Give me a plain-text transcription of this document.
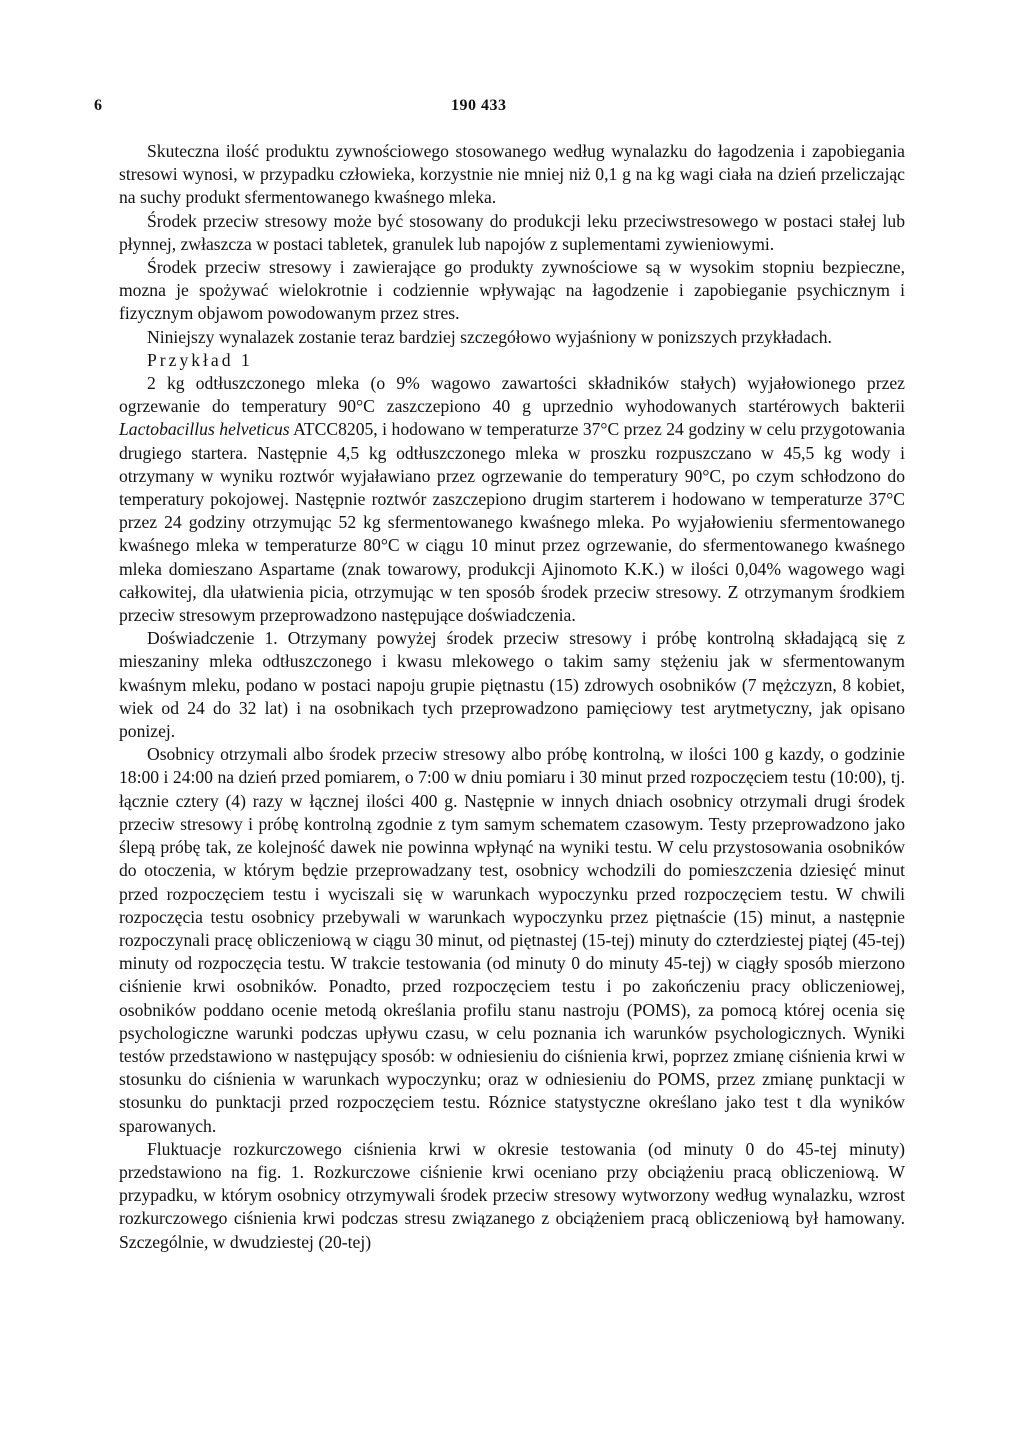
6	190 433

Skuteczna ilość produktu zywnościowego stosowanego według wynalazku do łagodzenia i zapobiegania stresowi wynosi, w przypadku człowieka, korzystnie nie mniej niż 0,1 g na kg wagi ciała na dzień przeliczając na suchy produkt sfermentowanego kwaśnego mleka.

Środek przeciw stresowy może być stosowany do produkcji leku przeciwstresowego w postaci stałej lub płynnej, zwłaszcza w postaci tabletek, granulek lub napojów z suplementami zywieniowymi.

Środek przeciw stresowy i zawierające go produkty zywnościowe są w wysokim stopniu bezpieczne, mozna je spożywać wielokrotnie i codziennie wpływając na łagodzenie i zapobieganie psychicznym i fizycznym objawom powodowanym przez stres.

Niniejszy wynalazek zostanie teraz bardziej szczegółowo wyjaśniony w ponizszych przykładach.

Przykład 1

2 kg odtłuszczonego mleka (o 9% wagowo zawartości składników stałych) wyjałowionego przez ogrzewanie do temperatury 90°C zaszczepiono 40 g uprzednio wyhodowanych startérowych bakterii Lactobacillus helveticus ATCC8205, i hodowano w temperaturze 37°C przez 24 godziny w celu przygotowania drugiego startera. Następnie 4,5 kg odtłuszczonego mleka w proszku rozpuszczano w 45,5 kg wody i otrzymany w wyniku roztwór wyjaławiano przez ogrzewanie do temperatury 90°C, po czym schłodzono do temperatury pokojowej. Następnie roztwór zaszczepiono drugim starterem i hodowano w temperaturze 37°C przez 24 godziny otrzymując 52 kg sfermentowanego kwaśnego mleka. Po wyjałowieniu sfermentowanego kwaśnego mleka w temperaturze 80°C w ciągu 10 minut przez ogrzewanie, do sfermentowanego kwaśnego mleka domieszano Aspartame (znak towarowy, produkcji Ajinomoto K.K.) w ilości 0,04% wagowego wagi całkowitej, dla ułatwienia picia, otrzymując w ten sposób środek przeciw stresowy. Z otrzymanym środkiem przeciw stresowym przeprowadzono następujące doświadczenia.

Doświadczenie 1. Otrzymany powyżej środek przeciw stresowy i próbę kontrolną składającą się z mieszaniny mleka odtłuszczonego i kwasu mlekowego o takim samy stężeniu jak w sfermentowanym kwaśnym mleku, podano w postaci napoju grupie piętnastu (15) zdrowych osobników (7 mężczyzn, 8 kobiet, wiek od 24 do 32 lat) i na osobnikach tych przeprowadzono pamięciowy test arytmetyczny, jak opisano ponizej.

Osobnicy otrzymali albo środek przeciw stresowy albo próbę kontrolną, w ilości 100 g kazdy, o godzinie 18:00 i 24:00 na dzień przed pomiarem, o 7:00 w dniu pomiaru i 30 minut przed rozpoczęciem testu (10:00), tj. łącznie cztery (4) razy w łącznej ilości 400 g. Następnie w innych dniach osobnicy otrzymali drugi środek przeciw stresowy i próbę kontrolną zgodnie z tym samym schematem czasowym. Testy przeprowadzono jako ślepą próbę tak, ze kolejność dawek nie powinna wpłynąć na wyniki testu. W celu przystosowania osobników do otoczenia, w którym będzie przeprowadzany test, osobnicy wchodzili do pomieszczenia dziesięć minut przed rozpoczęciem testu i wyciszali się w warunkach wypoczynku przed rozpoczęciem testu. W chwili rozpoczęcia testu osobnicy przebywali w warunkach wypoczynku przez piętnaście (15) minut, a następnie rozpoczynali pracę obliczeniową w ciągu 30 minut, od piętnastej (15-tej) minuty do czterdziestej piątej (45-tej) minuty od rozpoczęcia testu. W trakcie testowania (od minuty 0 do minuty 45-tej) w ciągły sposób mierzono ciśnienie krwi osobników. Ponadto, przed rozpoczęciem testu i po zakończeniu pracy obliczeniowej, osobników poddano ocenie metodą określania profilu stanu nastroju (POMS), za pomocą której ocenia się psychologiczne warunki podczas upływu czasu, w celu poznania ich warunków psychologicznych. Wyniki testów przedstawiono w następujący sposób: w odniesieniu do ciśnienia krwi, poprzez zmianę ciśnienia krwi w stosunku do ciśnienia w warunkach wypoczynku; oraz w odniesieniu do POMS, przez zmianę punktacji w stosunku do punktacji przed rozpoczęciem testu. Róznice statystyczne określano jako test t dla wyników sparowanych.

Fluktuacje rozkurczowego ciśnienia krwi w okresie testowania (od minuty 0 do 45-tej minuty) przedstawiono na fig. 1. Rozkurczowe ciśnienie krwi oceniano przy obciążeniu pracą obliczeniową. W przypadku, w którym osobnicy otrzymywali środek przeciw stresowy wytworzony według wynalazku, wzrost rozkurczowego ciśnienia krwi podczas stresu związanego z obciążeniem pracą obliczeniową był hamowany. Szczególnie, w dwudziestej (20-tej)
